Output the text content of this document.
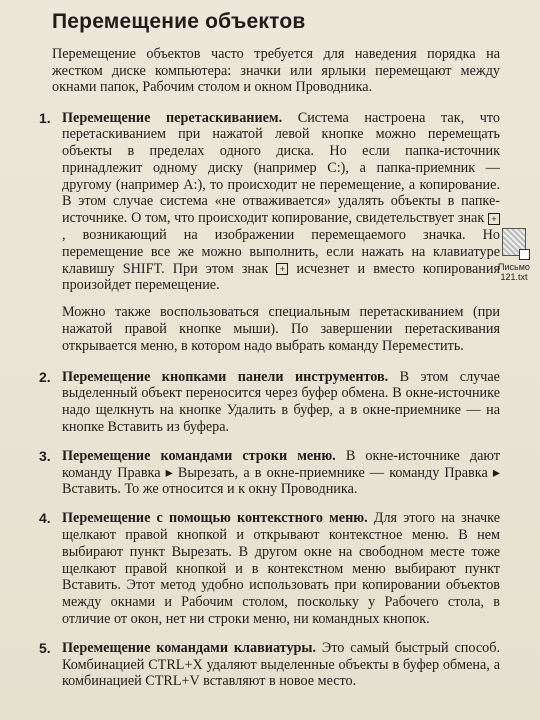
Перемещение объектов

Перемещение объектов часто требуется для наведения порядка на жестком диске компьютера: значки или ярлыки перемещают между окнами папок, Рабочим столом и окном Проводника.

1. Перемещение перетаскиванием. Система настроена так, что перетаскиванием при нажатой левой кнопке можно перемещать объекты в пределах одного диска. Но если папка-источник принадлежит одному диску (например С:), а папка-приемник — другому (например А:), то происходит не перемещение, а копирование. В этом случае система «не отваживается» удалять объекты в папке-источнике. О том, что происходит копирование, свидетельствует знак +, возникающий на изображении перемещаемого значка. Но перемещение все же можно выполнить, если нажать на клавиатуре клавишу SHIFT. При этом знак + исчезнет и вместо копирования произойдет перемещение.
Письмо
121.txt
Можно также воспользоваться специальным перетаскиванием (при нажатой правой кнопке мыши). По завершении перетаскивания открывается меню, в котором надо выбрать команду Переместить.
2. Перемещение кнопками панели инструментов. В этом случае выделенный объект переносится через буфер обмена. В окне-источнике надо щелкнуть на кнопке Удалить в буфер, а в окне-приемнике — на кнопке Вставить из буфера.
3. Перемещение командами строки меню. В окне-источнике дают команду Правка ▸ Вырезать, а в окне-приемнике — команду Правка ▸ Вставить. То же относится и к окну Проводника.
4. Перемещение с помощью контекстного меню. Для этого на значке щелкают правой кнопкой и открывают контекстное меню. В нем выбирают пункт Вырезать. В другом окне на свободном месте тоже щелкают правой кнопкой и в контекстном меню выбирают пункт Вставить. Этот метод удобно использовать при копировании объектов между окнами и Рабочим столом, поскольку у Рабочего стола, в отличие от окон, нет ни строки меню, ни командных кнопок.
5. Перемещение командами клавиатуры. Это самый быстрый способ. Комбинацией CTRL+X удаляют выделенные объекты в буфер обмена, а комбинацией CTRL+V вставляют в новое место.
